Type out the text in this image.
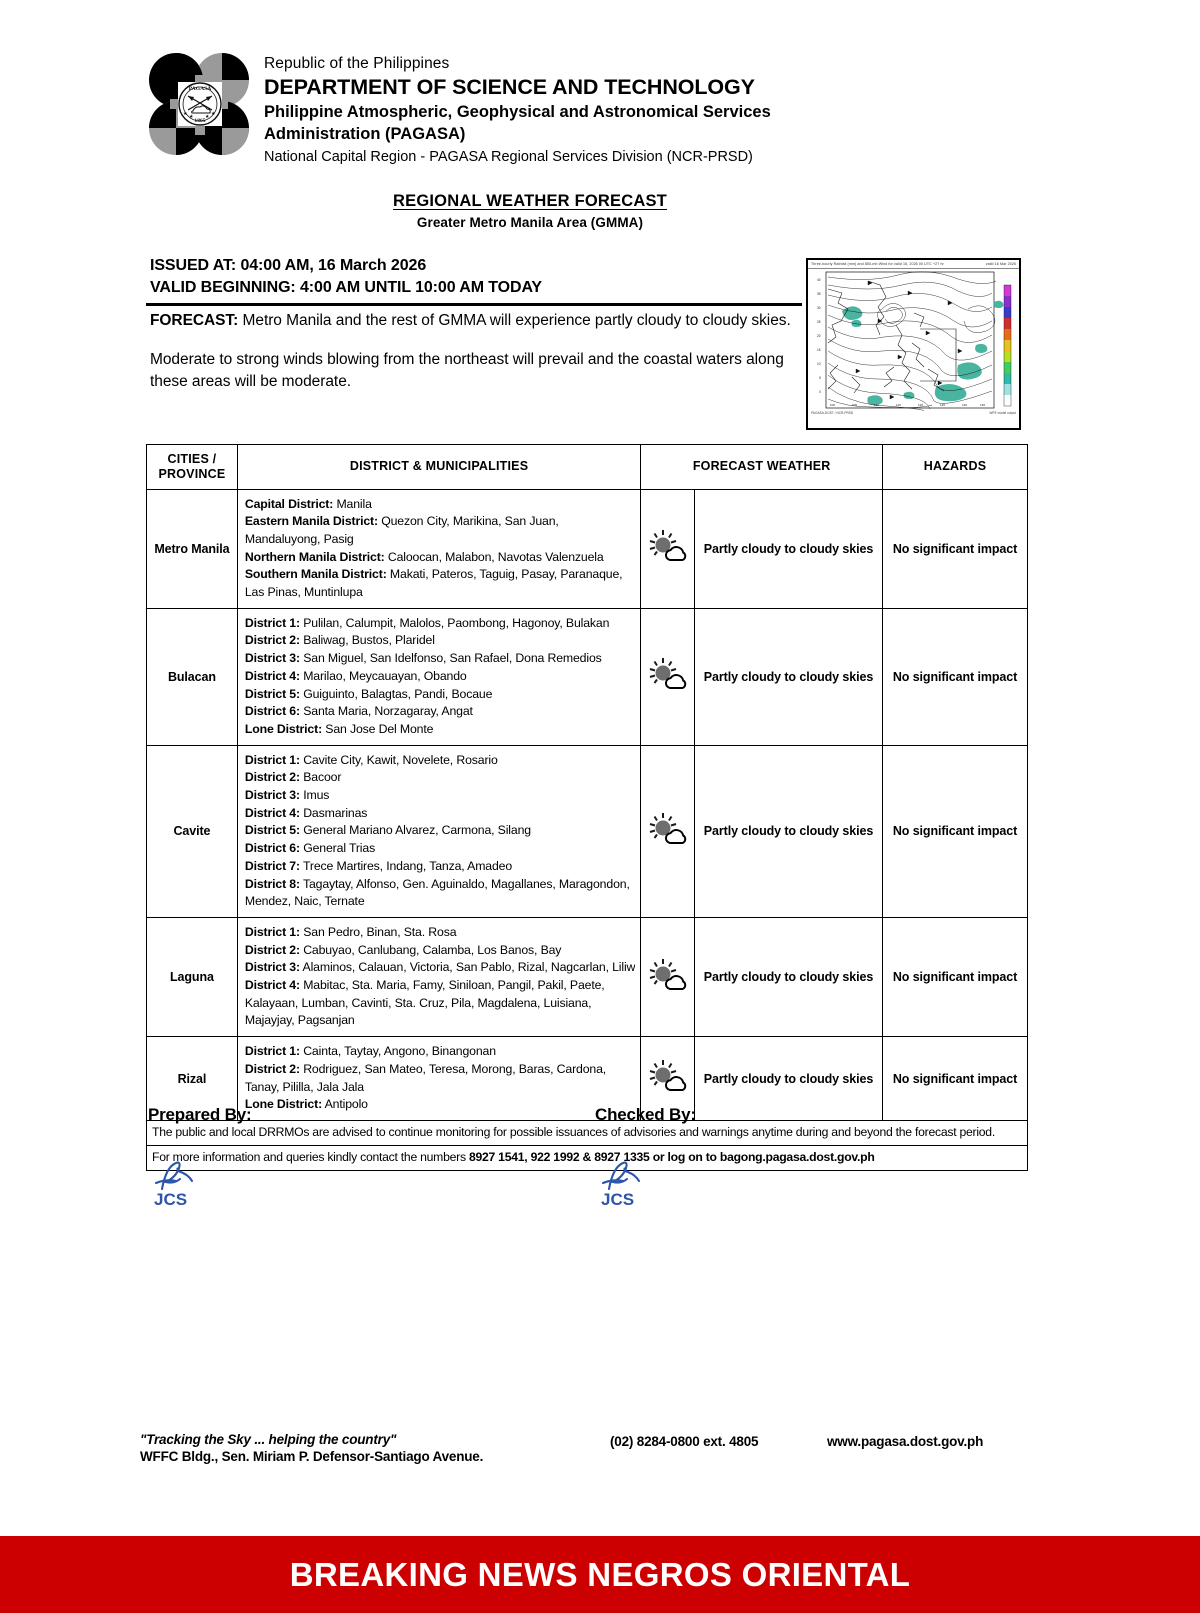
★ ★ ★ ★
PAGASA
1865
Republic of the Philippines
DEPARTMENT OF SCIENCE AND TECHNOLOGY
Philippine Atmospheric, Geophysical and Astronomical Services
Administration (PAGASA)
National Capital Region - PAGASA Regional Services Division (NCR-PRSD)
REGIONAL WEATHER FORECAST
Greater Metro Manila Area (GMMA)
ISSUED AT: 04:00 AM, 16 March 2026
VALID BEGINNING: 4:00 AM UNTIL 10:00 AM TODAY

FORECAST: Metro Manila and the rest of GMMA will experience partly cloudy to cloudy skies.

Moderate to strong winds blowing from the northeast will prevail and the coastal waters along these areas will be moderate.

Three-hourly Rainfall (mm) and 850-mb Wind for valid 16, 2026 00 UTC +27 hr	valid 16 Mar 2026
40
35
30
25
20
15
10
5
0
100	105	110	115	120	125	130	135
PAGASA-DOST / NCR-PRSD	WRF model output
CITIES /
PROVINCE	DISTRICT & MUNICIPALITIES	FORECAST WEATHER		HAZARDS
Metro Manila	
Capital District: Manila
Eastern Manila District: Quezon City, Marikina, San Juan,
Mandaluyong, Pasig
Northern Manila District: Caloocan, Malabon, Navotas Valenzuela
Southern Manila District: Makati, Pateros, Taguig, Pasay, Paranaque,
Las Pinas, Muntinlupa
		Partly cloudy to cloudy skies	No significant impact
Bulacan	
District 1: Pulilan, Calumpit, Malolos, Paombong, Hagonoy, Bulakan
District 2: Baliwag, Bustos, Plaridel
District 3: San Miguel, San Idelfonso, San Rafael, Dona Remedios
District 4: Marilao, Meycauayan, Obando
District 5: Guiguinto, Balagtas, Pandi, Bocaue
District 6: Santa Maria, Norzagaray, Angat
Lone District: San Jose Del Monte
		Partly cloudy to cloudy skies	No significant impact
Cavite	
District 1: Cavite City, Kawit, Novelete, Rosario
District 2: Bacoor
District 3: Imus
District 4: Dasmarinas
District 5: General Mariano Alvarez, Carmona, Silang
District 6: General Trias
District 7: Trece Martires, Indang, Tanza, Amadeo
District 8: Tagaytay, Alfonso, Gen. Aguinaldo, Magallanes, Maragondon,
Mendez, Naic, Ternate
		Partly cloudy to cloudy skies	No significant impact
Laguna	
District 1: San Pedro, Binan, Sta. Rosa
District 2: Cabuyao, Canlubang, Calamba, Los Banos, Bay
District 3: Alaminos, Calauan, Victoria, San Pablo, Rizal, Nagcarlan, Liliw
District 4: Mabitac, Sta. Maria, Famy, Siniloan, Pangil, Pakil, Paete,
Kalayaan, Lumban, Cavinti, Sta. Cruz, Pila, Magdalena, Luisiana,
Majayjay, Pagsanjan
		Partly cloudy to cloudy skies	No significant impact
Rizal	District 1: Cainta, Taytay, Angono, Binangonan
District 2: Rodriguez, San Mateo, Teresa, Morong, Baras, Cardona,
Tanay, Pililla, Jala Jala
Lone District: Antipolo		Partly cloudy to cloudy skies	No significant impact
The public and local DRRMOs are advised to continue monitoring for possible issuances of advisories and warnings anytime during and beyond the forecast period.				
For more information and queries kindly contact the numbers 8927 1541, 922 1992 & 8927 1335 or log on to bagong.pagasa.dost.gov.ph				
Prepared By:
JCS
Checked By:
JCS
"Tracking the Sky ... helping the country"
WFFC Bldg., Sen. Miriam P. Defensor-Santiago Avenue.
(02) 8284-0800 ext. 4805	www.pagasa.dost.gov.ph
BREAKING NEWS NEGROS ORIENTAL
